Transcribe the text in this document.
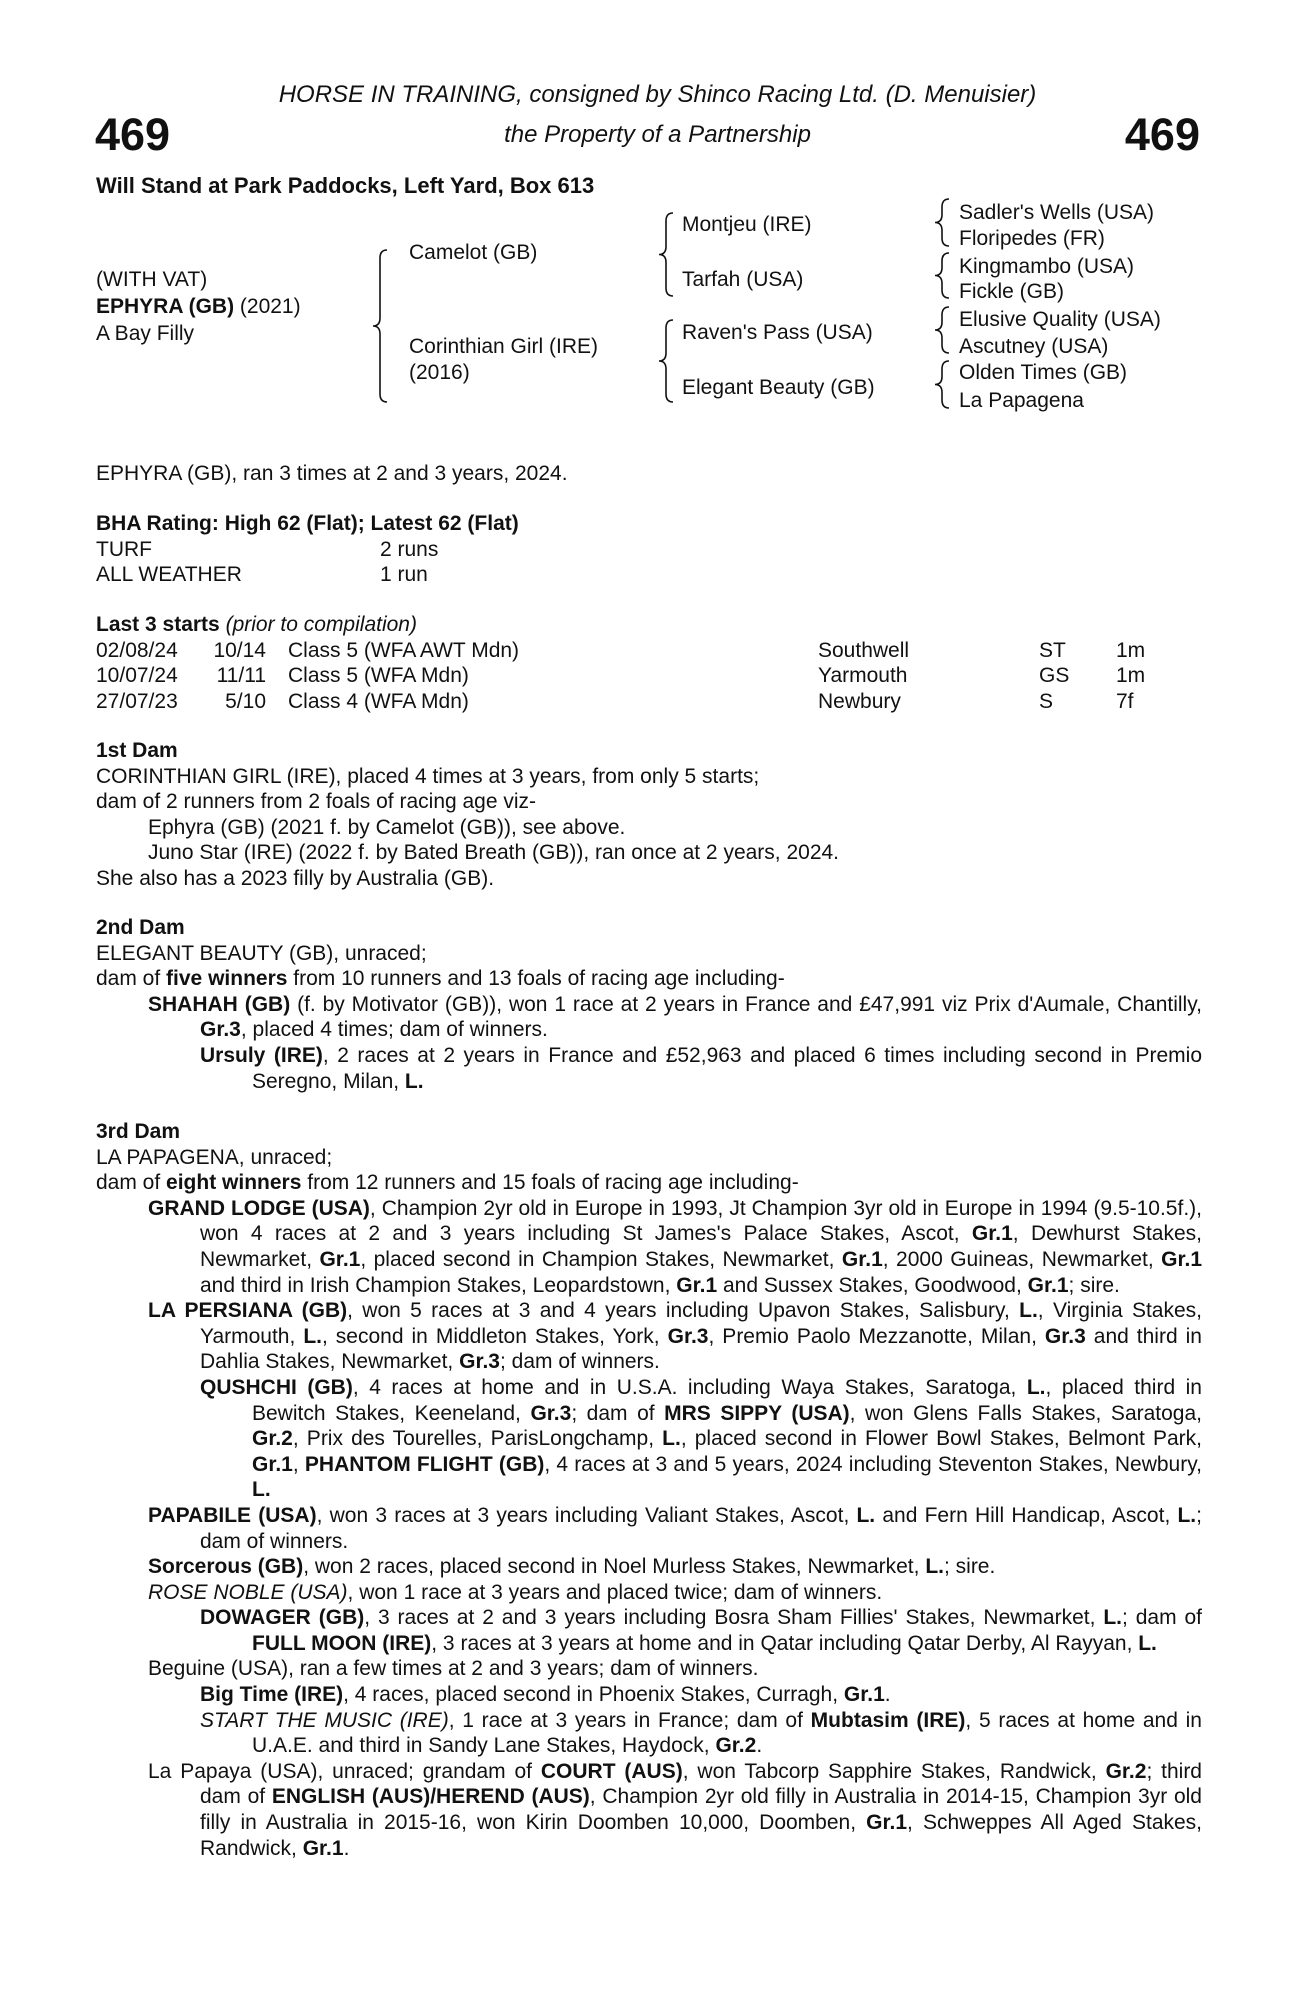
HORSE IN TRAINING, consigned by Shinco Racing Ltd. (D. Menuisier)
469	469
the Property of a Partnership
Will Stand at Park Paddocks, Left Yard, Box 613
(WITH VAT)
EPHYRA (GB) (2021)
A Bay Filly
Camelot (GB)
Corinthian Girl (IRE)
(2016)
Montjeu (IRE)
Tarfah (USA)
Raven's Pass (USA)
Elegant Beauty (GB)
Sadler's Wells (USA)
Floripedes (FR)
Kingmambo (USA)
Fickle (GB)
Elusive Quality (USA)
Ascutney (USA)
Olden Times (GB)
La Papagena
EPHYRA (GB), ran 3 times at 2 and 3 years, 2024.
BHA Rating: High 62 (Flat); Latest 62 (Flat)
TURF	2 runs
ALL WEATHER	1 run
Last 3 starts (prior to compilation)
02/08/24 10/14 Class 5 (WFA AWT Mdn)	Southwell	ST 1m
10/07/24 11/11 Class 5 (WFA Mdn)	Yarmouth	GS 1m
27/07/23 5/10 Class 4 (WFA Mdn)	Newbury	S	7f
1st Dam
CORINTHIAN GIRL (IRE), placed 4 times at 3 years, from only 5 starts;
dam of 2 runners from 2 foals of racing age viz-
Ephyra (GB) (2021 f. by Camelot (GB)), see above.
Juno Star (IRE) (2022 f. by Bated Breath (GB)), ran once at 2 years, 2024.
She also has a 2023 filly by Australia (GB).
2nd Dam
ELEGANT BEAUTY (GB), unraced;
dam of five winners from 10 runners and 13 foals of racing age including-
SHAHAH (GB) (f. by Motivator (GB)), won 1 race at 2 years in France and £47,991 viz Prix d'Aumale, Chantilly, Gr.3, placed 4 times; dam of winners.
Ursuly (IRE), 2 races at 2 years in France and £52,963 and placed 6 times including second in Premio Seregno, Milan, L.
3rd Dam
LA PAPAGENA, unraced;
dam of eight winners from 12 runners and 15 foals of racing age including-
GRAND LODGE (USA), Champion 2yr old in Europe in 1993, Jt Champion 3yr old in Europe in 1994 (9.5-10.5f.), won 4 races at 2 and 3 years including St James's Palace Stakes, Ascot, Gr.1, Dewhurst Stakes, Newmarket, Gr.1, placed second in Champion Stakes, Newmarket, Gr.1, 2000 Guineas, Newmarket, Gr.1 and third in Irish Champion Stakes, Leopardstown, Gr.1 and Sussex Stakes, Goodwood, Gr.1; sire.
LA PERSIANA (GB), won 5 races at 3 and 4 years including Upavon Stakes, Salisbury, L., Virginia Stakes, Yarmouth, L., second in Middleton Stakes, York, Gr.3, Premio Paolo Mezzanotte, Milan, Gr.3 and third in Dahlia Stakes, Newmarket, Gr.3; dam of winners.
QUSHCHI (GB), 4 races at home and in U.S.A. including Waya Stakes, Saratoga, L., placed third in Bewitch Stakes, Keeneland, Gr.3; dam of MRS SIPPY (USA), won Glens Falls Stakes, Saratoga, Gr.2, Prix des Tourelles, ParisLongchamp, L., placed second in Flower Bowl Stakes, Belmont Park, Gr.1, PHANTOM FLIGHT (GB), 4 races at 3 and 5 years, 2024 including Steventon Stakes, Newbury, L.
PAPABILE (USA), won 3 races at 3 years including Valiant Stakes, Ascot, L. and Fern Hill Handicap, Ascot, L.; dam of winners.
Sorcerous (GB), won 2 races, placed second in Noel Murless Stakes, Newmarket, L.; sire.
ROSE NOBLE (USA), won 1 race at 3 years and placed twice; dam of winners.
DOWAGER (GB), 3 races at 2 and 3 years including Bosra Sham Fillies' Stakes, Newmarket, L.; dam of FULL MOON (IRE), 3 races at 3 years at home and in Qatar including Qatar Derby, Al Rayyan, L.
Beguine (USA), ran a few times at 2 and 3 years; dam of winners.
Big Time (IRE), 4 races, placed second in Phoenix Stakes, Curragh, Gr.1.
START THE MUSIC (IRE), 1 race at 3 years in France; dam of Mubtasim (IRE), 5 races at home and in U.A.E. and third in Sandy Lane Stakes, Haydock, Gr.2.
La Papaya (USA), unraced; grandam of COURT (AUS), won Tabcorp Sapphire Stakes, Randwick, Gr.2; third dam of ENGLISH (AUS)/HEREND (AUS), Champion 2yr old filly in Australia in 2014-15, Champion 3yr old filly in Australia in 2015-16, won Kirin Doomben 10,000, Doomben, Gr.1, Schweppes All Aged Stakes, Randwick, Gr.1.
